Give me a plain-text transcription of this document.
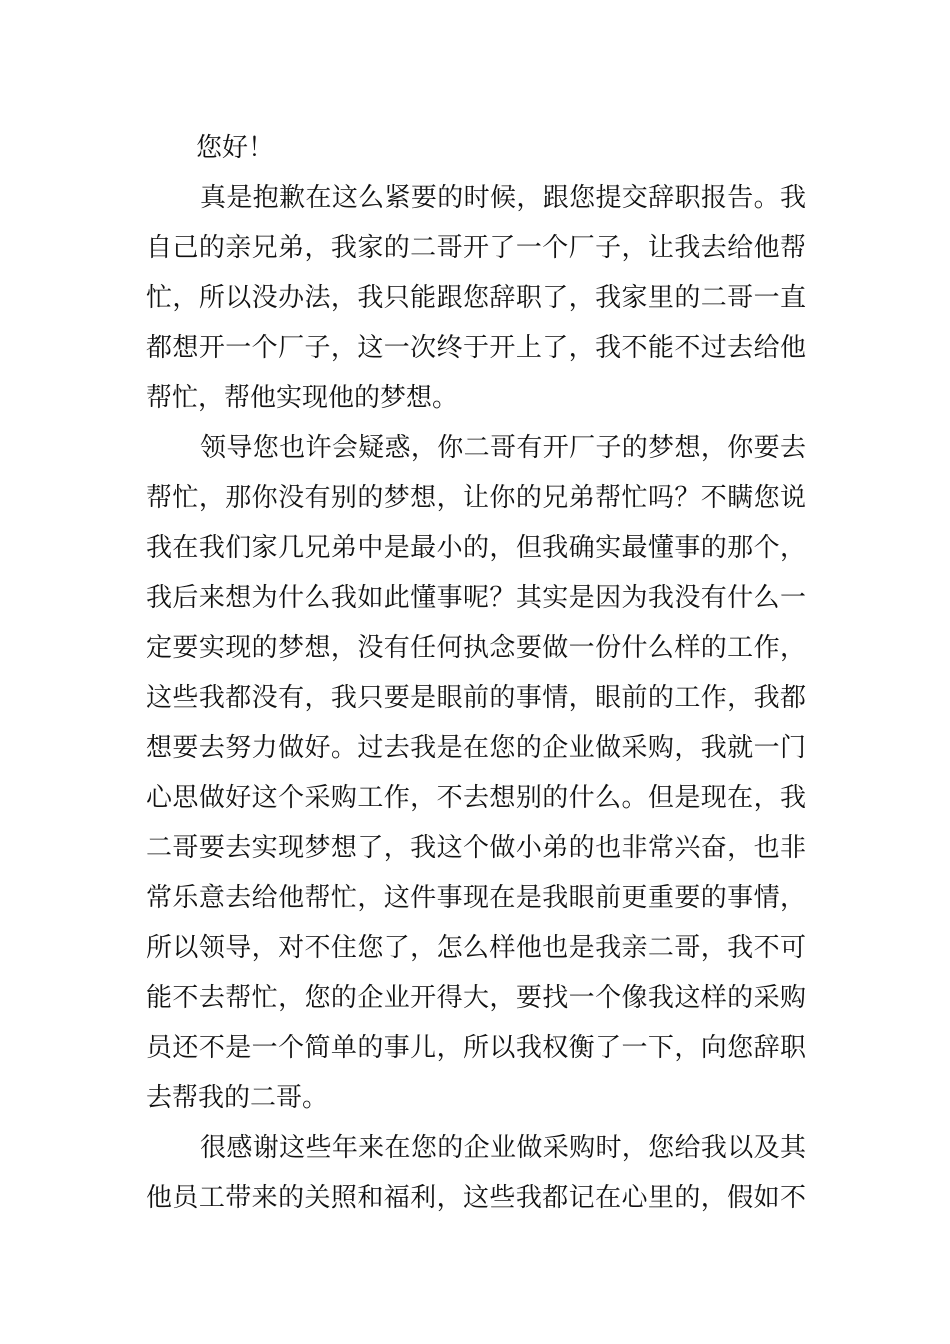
您好！
真是抱歉在这么紧要的时候，跟您提交辞职报告。我
自己的亲兄弟，我家的二哥开了一个厂子，让我去给他帮
忙，所以没办法，我只能跟您辞职了，我家里的二哥一直
都想开一个厂子，这一次终于开上了，我不能不过去给他
帮忙，帮他实现他的梦想。
领导您也许会疑惑，你二哥有开厂子的梦想，你要去
帮忙，那你没有别的梦想，让你的兄弟帮忙吗？不瞒您说
我在我们家几兄弟中是最小的，但我确实最懂事的那个，
我后来想为什么我如此懂事呢？其实是因为我没有什么一
定要实现的梦想，没有任何执念要做一份什么样的工作，
这些我都没有，我只要是眼前的事情，眼前的工作，我都
想要去努力做好。过去我是在您的企业做采购，我就一门
心思做好这个采购工作，不去想别的什么。但是现在，我
二哥要去实现梦想了，我这个做小弟的也非常兴奋，也非
常乐意去给他帮忙，这件事现在是我眼前更重要的事情，
所以领导，对不住您了，怎么样他也是我亲二哥，我不可
能不去帮忙，您的企业开得大，要找一个像我这样的采购
员还不是一个简单的事儿，所以我权衡了一下，向您辞职
去帮我的二哥。
很感谢这些年来在您的企业做采购时，您给我以及其
他员工带来的关照和福利，这些我都记在心里的，假如不
